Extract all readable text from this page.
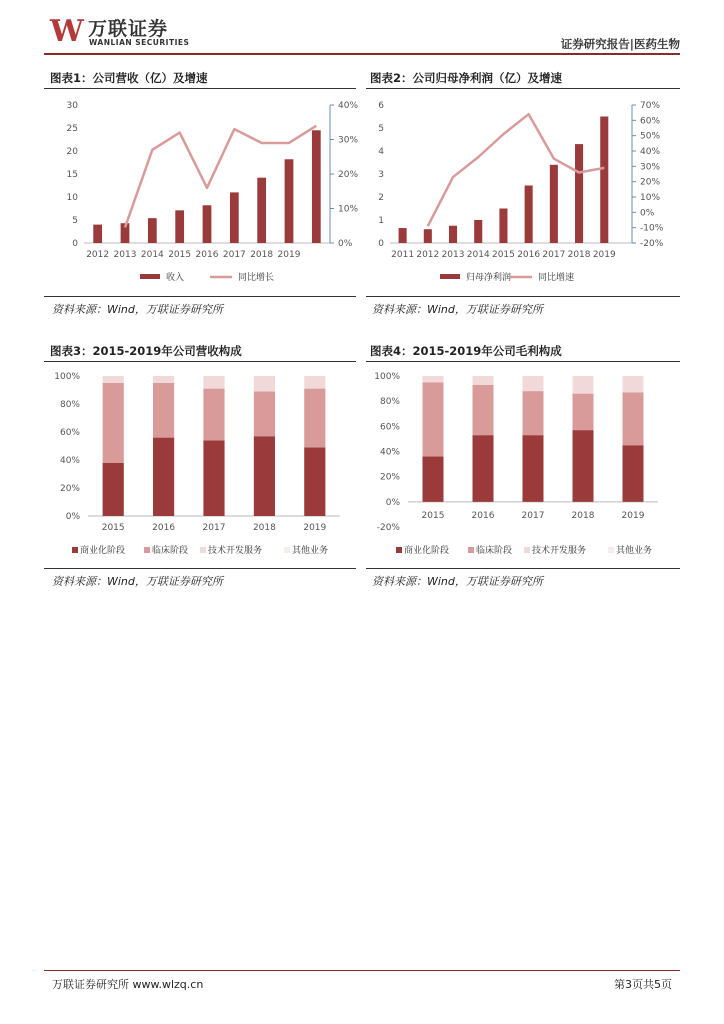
W 万联证券
WANLIAN SECURITIES	证券研究报告|医药生物
图表1：公司营收（亿）及增速	图表2：公司归母净利润（亿）及增速
资料来源：Wind，万联证券研究所	资料来源：Wind，万联证券研究所
图表3：2015-2019年公司营收构成	图表4：2015-2019年公司毛利构成
资料来源：Wind，万联证券研究所	资料来源：Wind，万联证券研究所
0
5
10
15
20
25
30
0%
10%
20%
30%
40%
2012 2013 2014 2015 2016 2017 2018 2019
收入	同比增长
0
1
2
3
4
5
6
-20%
-10%
0%
10%
20%
30%
40%
50%
60%
70%
2011 2012 2013 2014 2015 2016 2017 2018 2019
归母净利润	同比增速
0%
20%
40%
60%
80%
100%
2015	2016	2017	2018	2019
商业化阶段	临床阶段 技术开发服务	其他业务
-20%
0%
20%
40%
60%
80%
100%
2015	2016	2017	2018	2019
商业化阶段	临床阶段 技术开发服务	其他业务
万联证券研究所 www.wlzq.cn	第3页共5页
